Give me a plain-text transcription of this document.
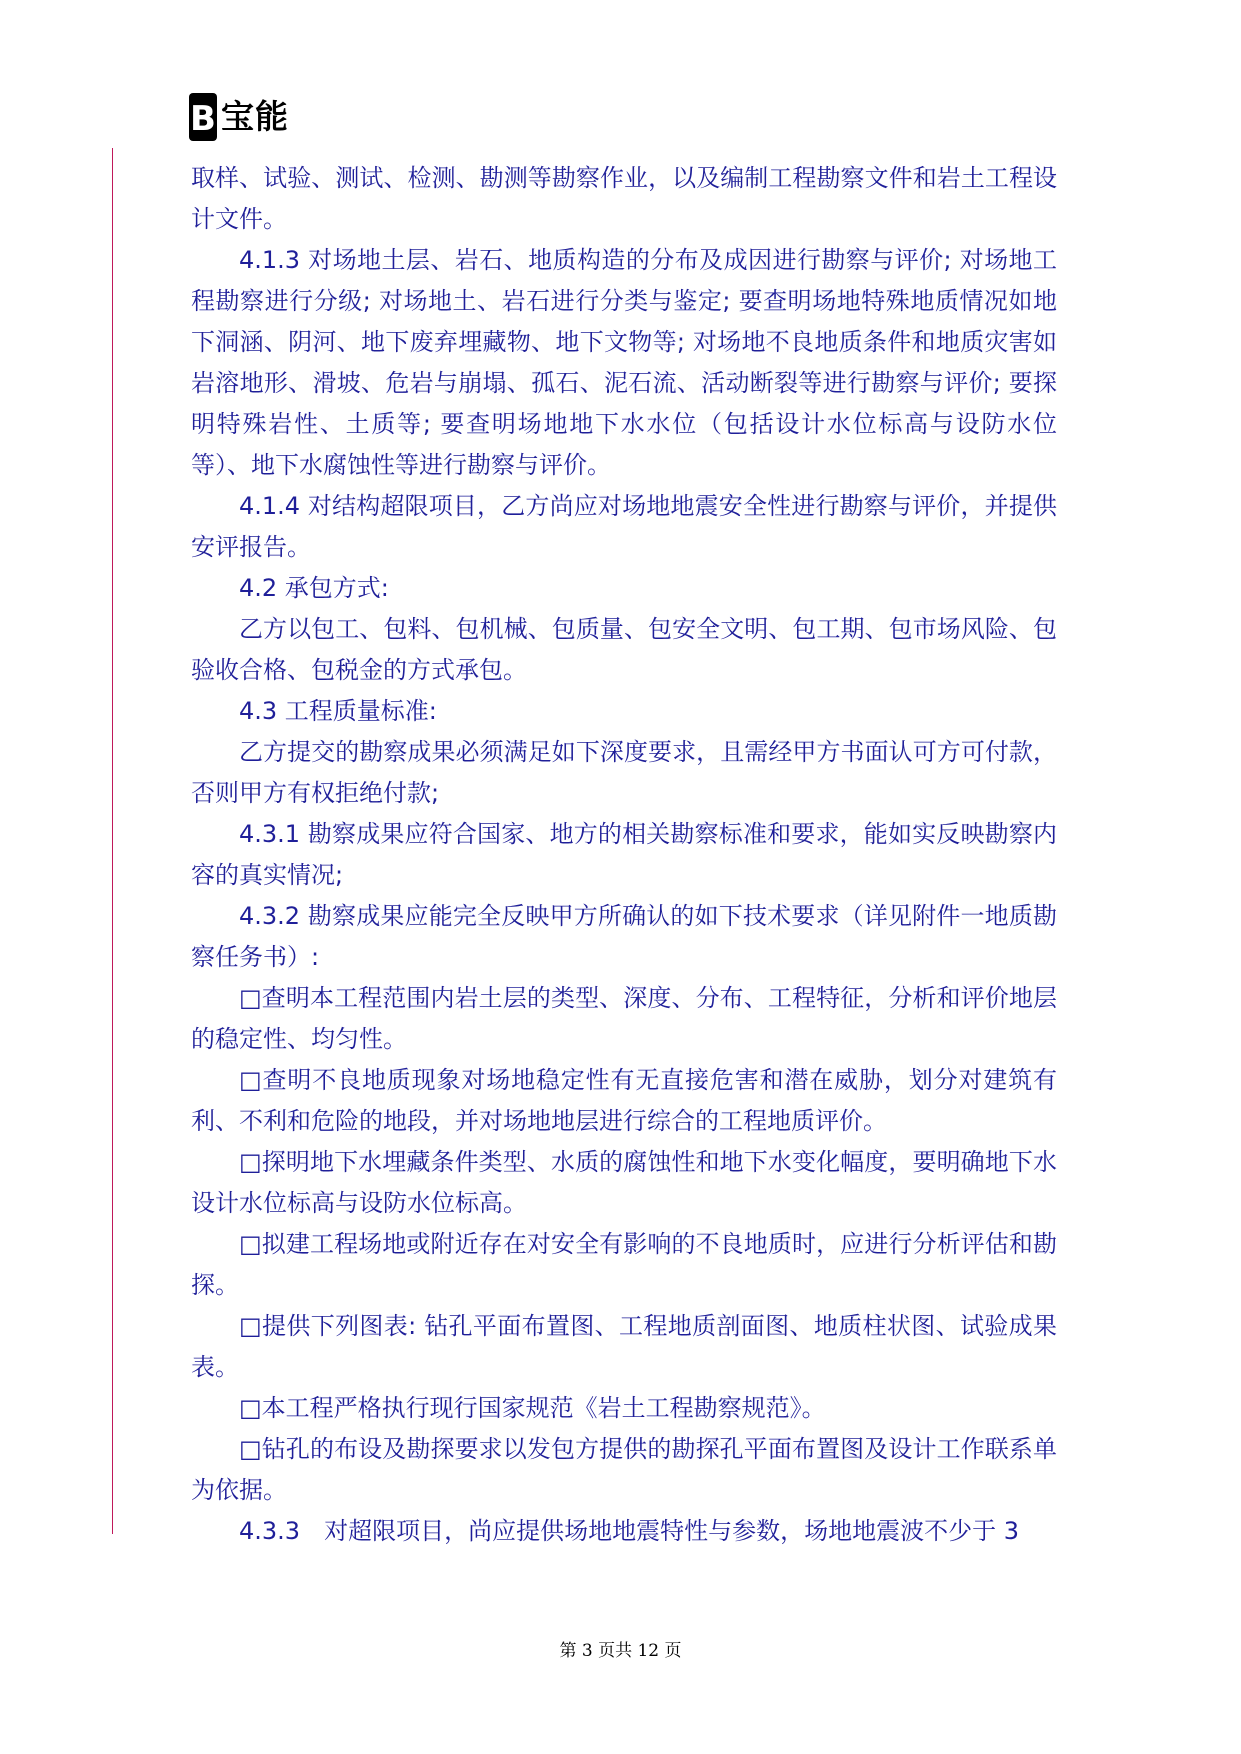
B 宝能

取样、试验、测试、检测、勘测等勘察作业，以及编制工程勘察文件和岩土工程设计文件。

4.1.3 对场地土层、岩石、地质构造的分布及成因进行勘察与评价; 对场地工程勘察进行分级; 对场地土、岩石进行分类与鉴定; 要查明场地特殊地质情况如地下洞涵、阴河、地下废弃埋藏物、地下文物等; 对场地不良地质条件和地质灾害如岩溶地形、滑坡、危岩与崩塌、孤石、泥石流、活动断裂等进行勘察与评价; 要探明特殊岩性、土质等; 要查明场地地下水水位（包括设计水位标高与设防水位等）、地下水腐蚀性等进行勘察与评价。

4.1.4 对结构超限项目，乙方尚应对场地地震安全性进行勘察与评价，并提供安评报告。

4.2 承包方式:

乙方以包工、包料、包机械、包质量、包安全文明、包工期、包市场风险、包验收合格、包税金的方式承包。

4.3 工程质量标准:

乙方提交的勘察成果必须满足如下深度要求，且需经甲方书面认可方可付款，否则甲方有权拒绝付款;

4.3.1 勘察成果应符合国家、地方的相关勘察标准和要求，能如实反映勘察内容的真实情况;

4.3.2 勘察成果应能完全反映甲方所确认的如下技术要求（详见附件一地质勘察任务书）:

□查明本工程范围内岩土层的类型、深度、分布、工程特征，分析和评价地层的稳定性、均匀性。

□查明不良地质现象对场地稳定性有无直接危害和潜在威胁，划分对建筑有利、不利和危险的地段，并对场地地层进行综合的工程地质评价。

□探明地下水埋藏条件类型、水质的腐蚀性和地下水变化幅度，要明确地下水设计水位标高与设防水位标高。

□拟建工程场地或附近存在对安全有影响的不良地质时，应进行分析评估和勘探。

□提供下列图表: 钻孔平面布置图、工程地质剖面图、地质柱状图、试验成果表。

□本工程严格执行现行国家规范《岩土工程勘察规范》。

□钻孔的布设及勘探要求以发包方提供的勘探孔平面布置图及设计工作联系单为依据。

4.3.3　对超限项目，尚应提供场地地震特性与参数，场地地震波不少于 3

第 3 页共 12 页
